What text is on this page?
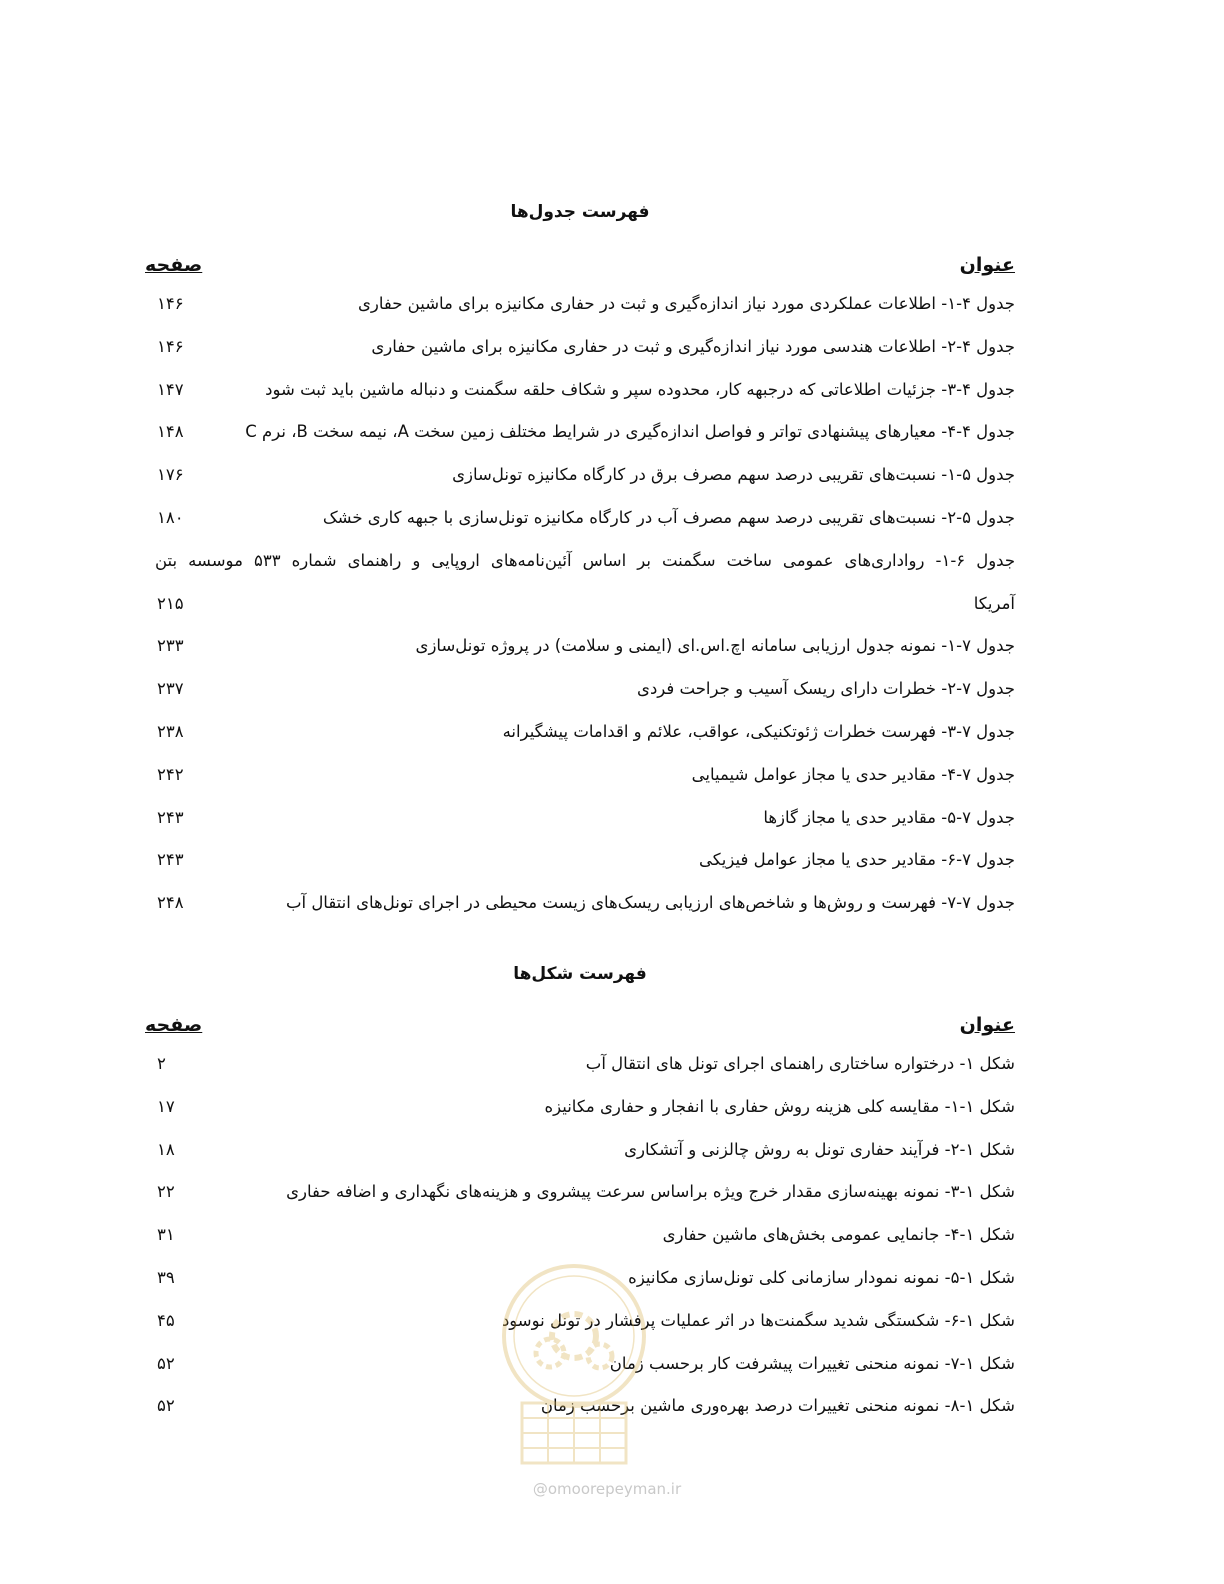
فهرست جدول‌ها
عنوان
صفحه
جدول ۴-۱- اطلاعات عملکردی مورد نیاز اندازه‌گیری و ثبت در حفاری مکانیزه برای ماشین حفاری
۱۴۶
جدول ۴-۲- اطلاعات هندسی مورد نیاز اندازه‌گیری و ثبت در حفاری مکانیزه برای ماشین حفاری
۱۴۶
جدول ۴-۳- جزئیات اطلاعاتی که درجبهه کار، محدوده سپر و شکاف حلقه سگمنت و دنباله ماشین باید ثبت شود
۱۴۷
جدول ۴-۴- معیارهای پیشنهادی تواتر و فواصل اندازه‌گیری در شرایط مختلف زمین سخت A، نیمه سخت B، نرم C
۱۴۸
جدول ۵-۱- نسبت‌های تقریبی درصد سهم مصرف برق در کارگاه مکانیزه تونل‌سازی
۱۷۶
جدول ۵-۲- نسبت‌های تقریبی درصد سهم مصرف آب در کارگاه مکانیزه تونل‌سازی با جبهه کاری خشک
۱۸۰
جدول ۶-۱- رواداری‌های عمومی ساخت سگمنت بر اساس آئین‌نامه‌های اروپایی و راهنمای شماره ۵۳۳ موسسه بتن
آمریکا
۲۱۵
جدول ۷-۱- نمونه جدول ارزیابی سامانه اچ.اس.ای (ایمنی و سلامت) در پروژه تونل‌سازی
۲۳۳
جدول ۷-۲- خطرات دارای ریسک آسیب و جراحت فردی
۲۳۷
جدول ۷-۳- فهرست خطرات ژئوتکنیکی، عواقب، علائم و اقدامات پیشگیرانه
۲۳۸
جدول ۷-۴- مقادیر حدی یا مجاز عوامل شیمیایی
۲۴۲
جدول ۷-۵- مقادیر حدی یا مجاز گازها
۲۴۳
جدول ۷-۶- مقادیر حدی یا مجاز عوامل فیزیکی
۲۴۳
جدول ۷-۷- فهرست و روش‌ها و شاخص‌های ارزیابی ریسک‌های زیست محیطی در اجرای تونل‌های انتقال آب
۲۴۸
فهرست شکل‌ها
عنوان
صفحه
شکل ۱- درختواره ساختاری راهنمای اجرای تونل های انتقال آب
۲
شکل ۱-۱- مقایسه کلی هزینه روش حفاری با انفجار و حفاری مکانیزه
۱۷
شکل ۱-۲- فرآیند حفاری تونل به روش چالزنی و آتشکاری
۱۸
شکل ۱-۳- نمونه بهینه‌سازی مقدار خرج ویژه براساس سرعت پیشروی و هزینه‌های نگهداری و اضافه حفاری
۲۲
شکل ۱-۴- جانمایی عمومی بخش‌های ماشین حفاری
۳۱
شکل ۱-۵- نمونه نمودار سازمانی کلی تونل‌سازی مکانیزه
۳۹
شکل ۱-۶- شکستگی شدید سگمنت‌ها در اثر عملیات پرفشار در تونل نوسود
۴۵
شکل ۱-۷- نمونه منحنی تغییرات پیشرفت کار برحسب زمان
۵۲
شکل ۱-۸- نمونه منحنی تغییرات درصد بهره‌وری ماشین برحسب زمان
۵۲
@omoorepeyman.ir
